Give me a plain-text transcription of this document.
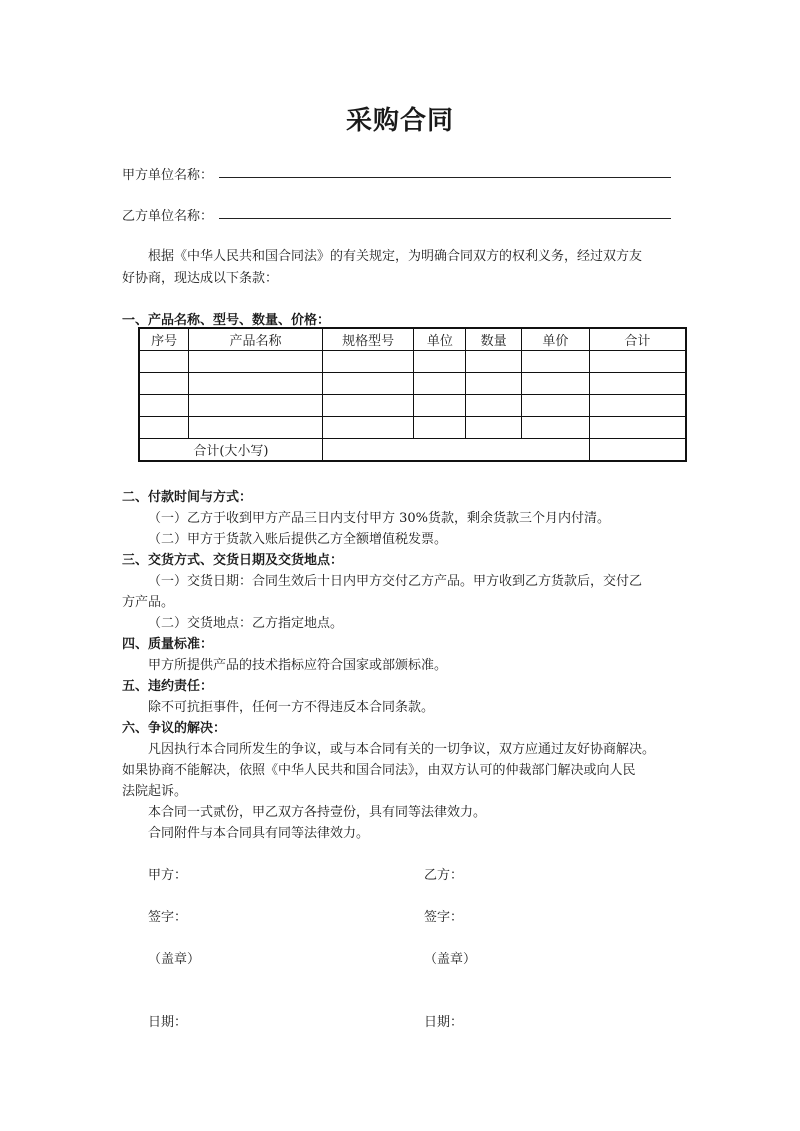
采购合同
甲方单位名称：
乙方单位名称：
根据《中华人民共和国合同法》的有关规定，为明确合同双方的权利义务，经过双方友
好协商，现达成以下条款：
一、产品名称、型号、数量、价格：
序号	产品名称	规格型号	单位	数量	单价	合计

合计(大小写)						
二、付款时间与方式：
（一）乙方于收到甲方产品三日内支付甲方 30%货款，剩余货款三个月内付清。
（二）甲方于货款入账后提供乙方全额增值税发票。
三、交货方式、交货日期及交货地点：
（一）交货日期：合同生效后十日内甲方交付乙方产品。甲方收到乙方货款后，交付乙
方产品。
（二）交货地点：乙方指定地点。
四、质量标准：
甲方所提供产品的技术指标应符合国家或部颁标准。
五、违约责任：
除不可抗拒事件，任何一方不得违反本合同条款。
六、争议的解决：
凡因执行本合同所发生的争议，或与本合同有关的一切争议，双方应通过友好协商解决。
如果协商不能解决，依照《中华人民共和国合同法》，由双方认可的仲裁部门解决或向人民
法院起诉。
本合同一式贰份，甲乙双方各持壹份，具有同等法律效力。
合同附件与本合同具有同等法律效力。
甲方：	乙方：
签字：	签字：
（盖章）	（盖章）
日期：	日期：
